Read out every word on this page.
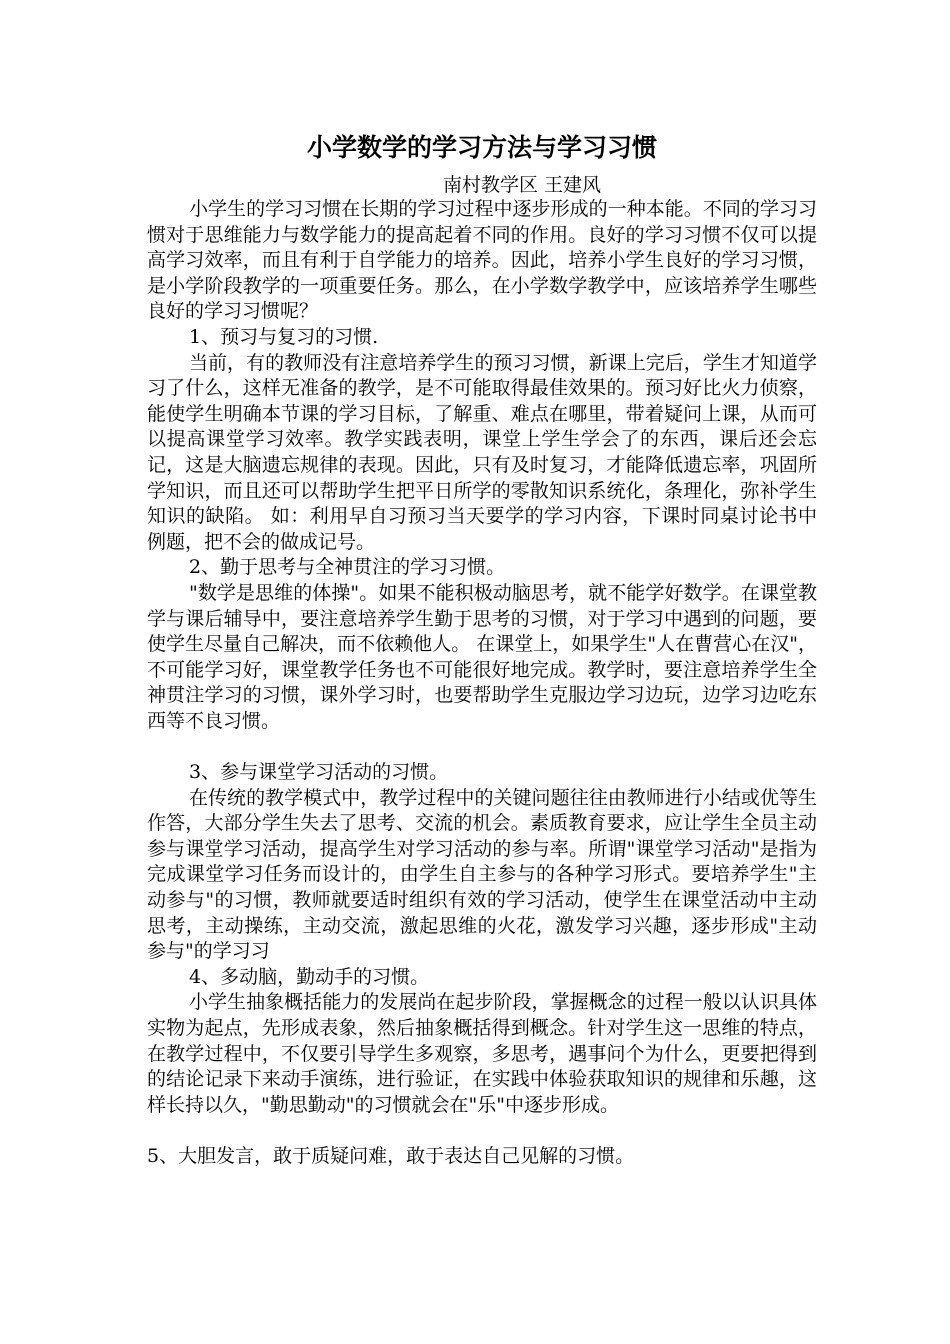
小学数学的学习方法与学习习惯

南村教学区 王建风

小学生的学习习惯在长期的学习过程中逐步形成的一种本能。不同的学习习惯对于思维能力与数学能力的提高起着不同的作用。良好的学习习惯不仅可以提高学习效率，而且有利于自学能力的培养。因此，培养小学生良好的学习习惯，是小学阶段教学的一项重要任务。那么，在小学数学教学中，应该培养学生哪些良好的学习习惯呢？

1、预习与复习的习惯.

当前，有的教师没有注意培养学生的预习习惯，新课上完后，学生才知道学习了什么，这样无准备的教学，是不可能取得最佳效果的。预习好比火力侦察，能使学生明确本节课的学习目标，了解重、难点在哪里，带着疑问上课，从而可以提高课堂学习效率。教学实践表明，课堂上学生学会了的东西，课后还会忘记，这是大脑遗忘规律的表现。因此，只有及时复习，才能降低遗忘率，巩固所学知识，而且还可以帮助学生把平日所学的零散知识系统化，条理化，弥补学生知识的缺陷。 如：利用早自习预习当天要学的学习内容，下课时同桌讨论书中例题，把不会的做成记号。

2、勤于思考与全神贯注的学习习惯。

"数学是思维的体操"。如果不能积极动脑思考，就不能学好数学。在课堂教学与课后辅导中，要注意培养学生勤于思考的习惯，对于学习中遇到的问题，要使学生尽量自己解决，而不依赖他人。 在课堂上，如果学生"人在曹营心在汉"，不可能学习好，课堂教学任务也不可能很好地完成。教学时，要注意培养学生全神贯注学习的习惯，课外学习时，也要帮助学生克服边学习边玩，边学习边吃东西等不良习惯。

3、参与课堂学习活动的习惯。

在传统的教学模式中，教学过程中的关键问题往往由教师进行小结或优等生作答，大部分学生失去了思考、交流的机会。素质教育要求，应让学生全员主动参与课堂学习活动，提高学生对学习活动的参与率。所谓"课堂学习活动"是指为完成课堂学习任务而设计的，由学生自主参与的各种学习形式。要培养学生"主动参与"的习惯，教师就要适时组织有效的学习活动，使学生在课堂活动中主动思考，主动操练，主动交流，激起思维的火花，激发学习兴趣，逐步形成"主动参与"的学习习

4、多动脑，勤动手的习惯。

小学生抽象概括能力的发展尚在起步阶段，掌握概念的过程一般以认识具体实物为起点，先形成表象，然后抽象概括得到概念。针对学生这一思维的特点，在教学过程中，不仅要引导学生多观察，多思考，遇事问个为什么，更要把得到的结论记录下来动手演练，进行验证，在实践中体验获取知识的规律和乐趣，这样长持以久，"勤思勤动"的习惯就会在"乐"中逐步形成。

5、大胆发言，敢于质疑问难，敢于表达自己见解的习惯。
